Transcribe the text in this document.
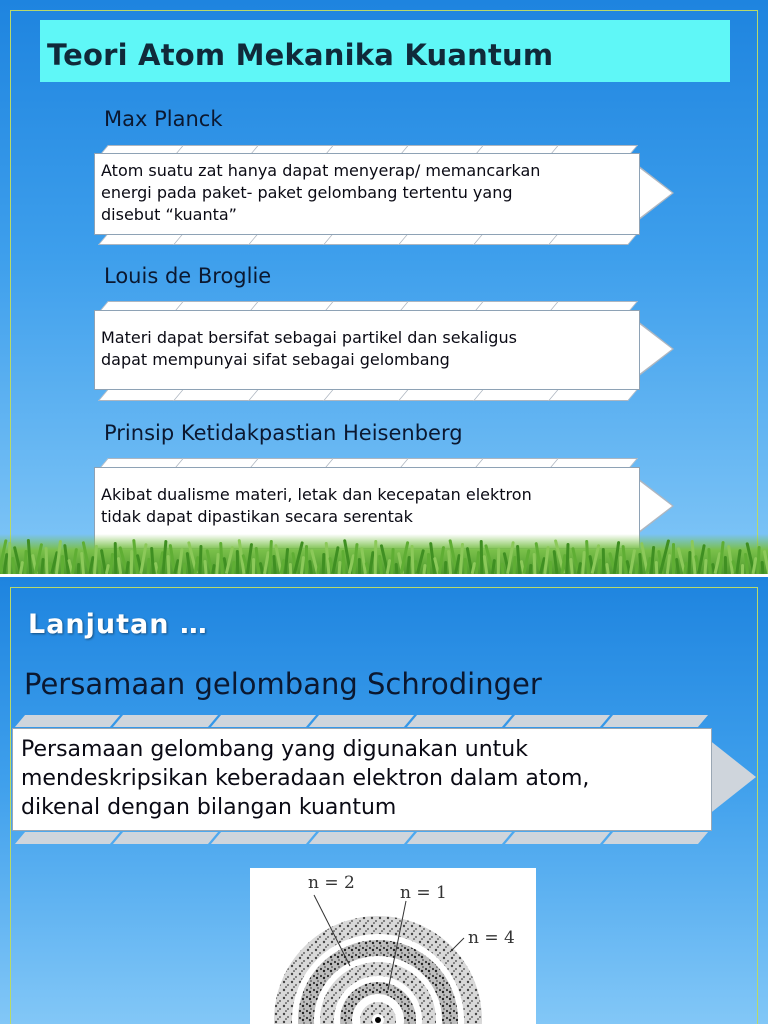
Teori Atom Mekanika Kuantum
Max Planck
Atom suatu zat hanya dapat menyerap/ memancarkan
energi pada paket- paket gelombang tertentu yang
disebut “kuanta”
Louis de Broglie
Materi dapat bersifat sebagai partikel dan sekaligus
dapat mempunyai sifat sebagai gelombang
Prinsip Ketidakpastian Heisenberg
Akibat dualisme materi, letak dan kecepatan elektron
tidak dapat dipastikan secara serentak
Lanjutan …
Persamaan gelombang Schrodinger
Persamaan gelombang yang digunakan untuk
mendeskripsikan keberadaan elektron dalam atom,
dikenal dengan bilangan kuantum
n = 2	n = 1
n = 4
